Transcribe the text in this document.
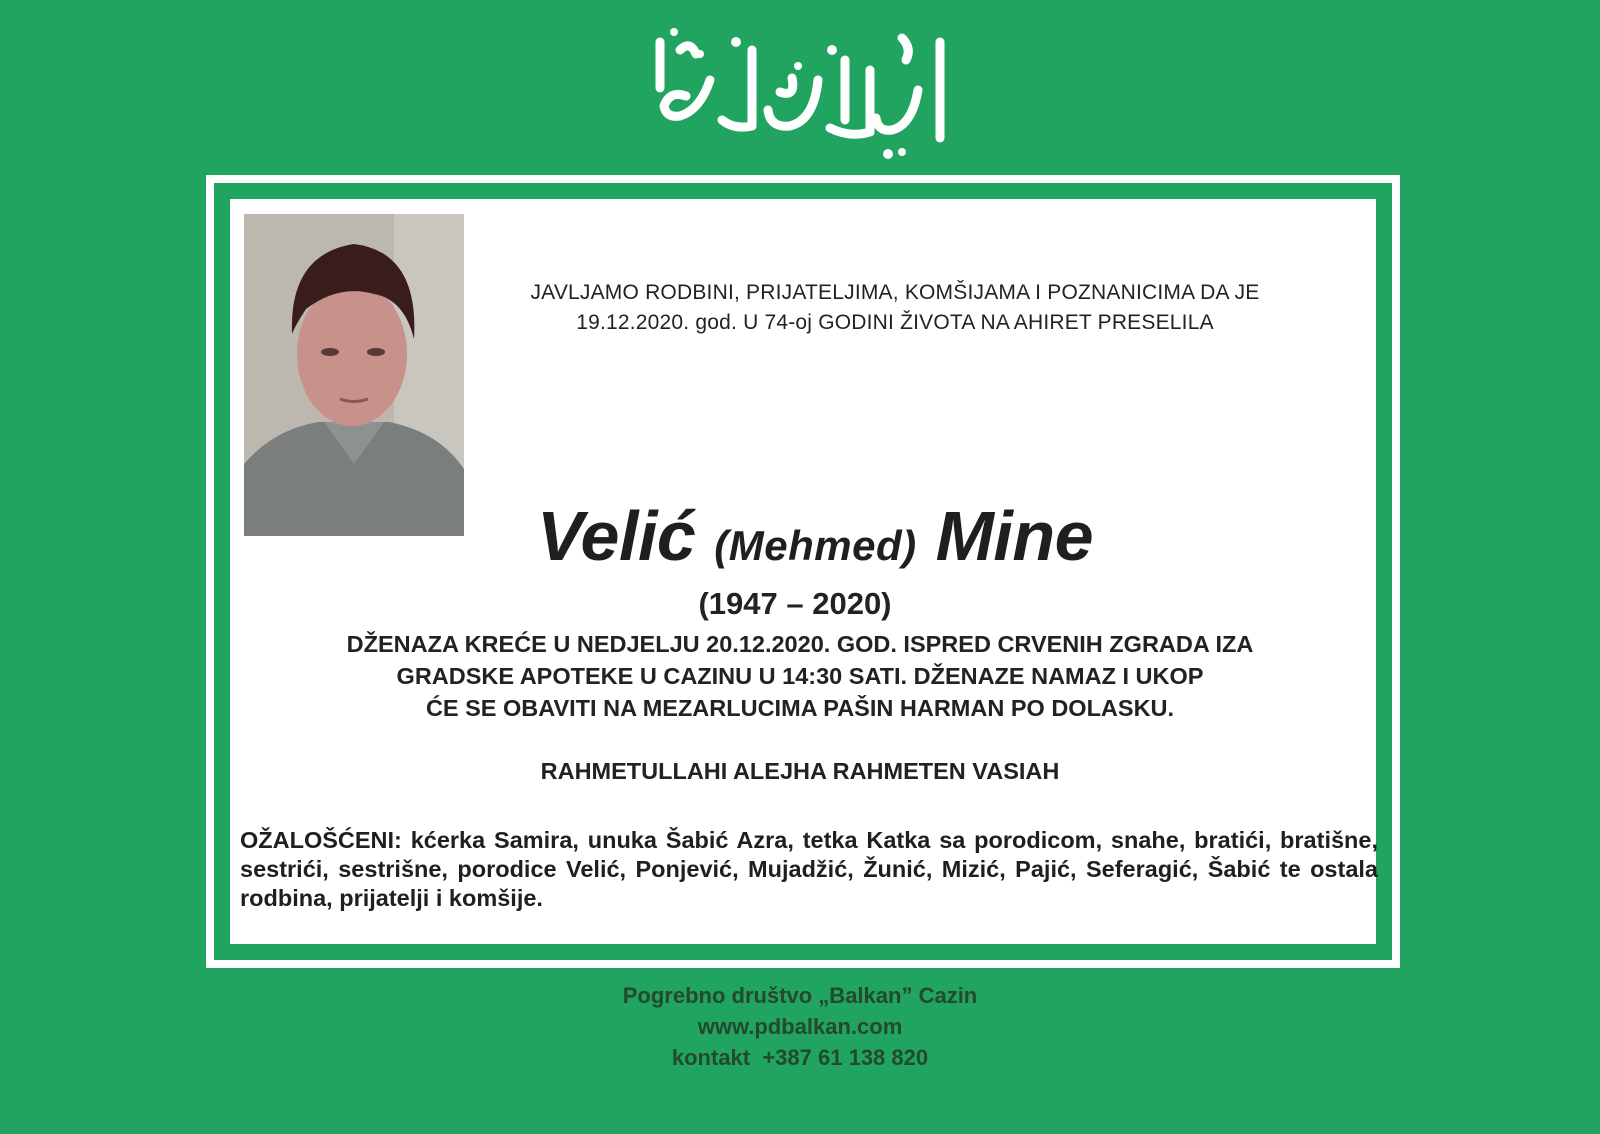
JAVLJAMO RODBINI, PRIJATELJIMA, KOMŠIJAMA I POZNANICIMA DA JE
19.12.2020. god. U 74-oj GODINI ŽIVOTA NA AHIRET PRESELILA
Velić (Mehmed) Mine
(1947 – 2020)
DŽENAZA KREĆE U NEDJELJU 20.12.2020. GOD. ISPRED CRVENIH ZGRADA IZA
GRADSKE APOTEKE U CAZINU U 14:30 SATI. DŽENAZE NAMAZ I UKOP
ĆE SE OBAVITI NA MEZARLUCIMA PAŠIN HARMAN PO DOLASKU.
RAHMETULLAHI ALEJHA RAHMETEN VASIAH
OŽALOŠĆENI: kćerka Samira, unuka Šabić Azra, tetka Katka sa porodicom, snahe, bratići, bratišne, sestrići, sestrišne, porodice Velić, Ponjević, Mujadžić, Žunić, Mizić, Pajić, Seferagić, Šabić te ostala rodbina, prijatelji i komšije.
Pogrebno društvo „Balkan” Cazin
www.pdbalkan.com
kontakt  +387 61 138 820
